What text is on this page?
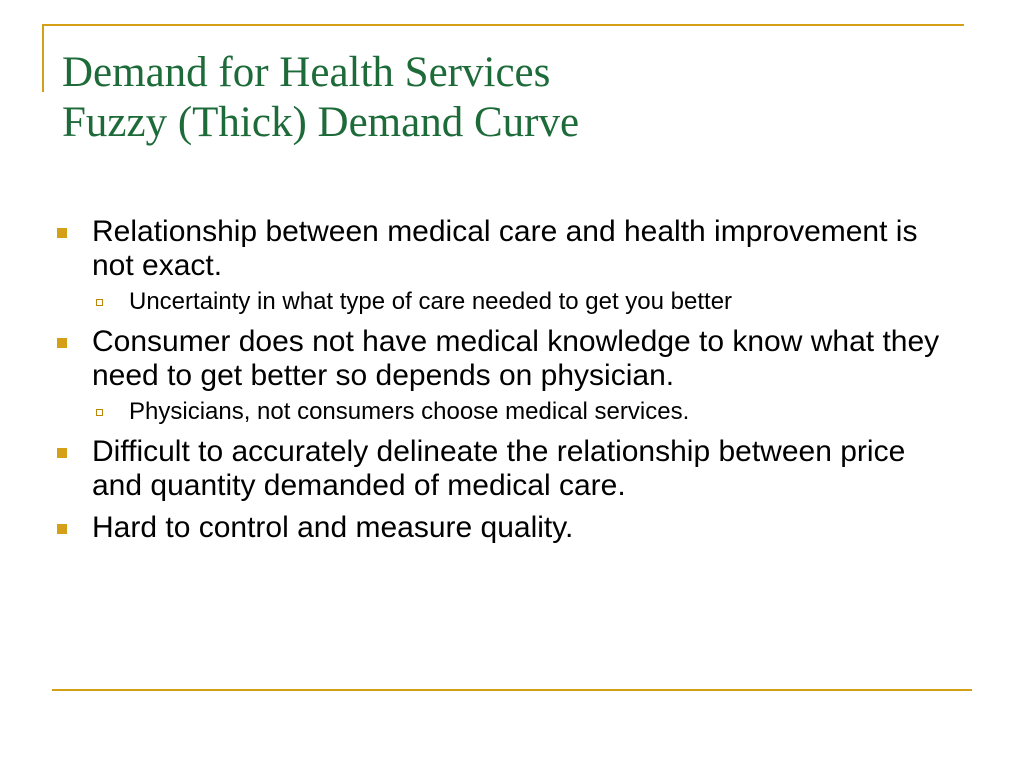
Demand for Health Services
Fuzzy (Thick) Demand Curve
Relationship between medical care and health improvement is not exact.
Uncertainty in what type of care needed to get you better
Consumer does not have medical knowledge to know what they need to get better so depends on physician.
Physicians, not consumers choose medical services.
Difficult to accurately delineate the relationship between price and quantity demanded of medical care.
Hard to control and measure quality.
